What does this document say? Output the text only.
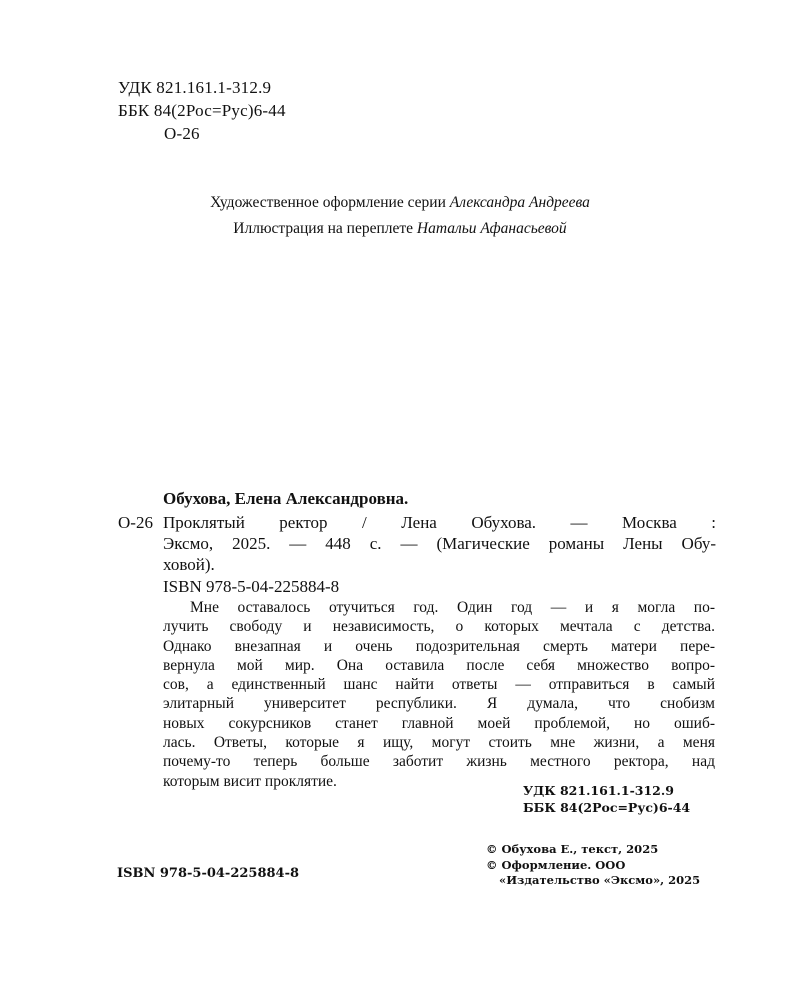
УДК 821.161.1-312.9
ББК 84(2Рос=Рус)6-44
О-26
Художественное оформление серии Александра Андреева
Иллюстрация на переплете Натальи Афанасьевой
Обухова, Елена Александровна.
О-26 Проклятый ректор / Лена Обухова. — Москва :
Эксмо, 2025. — 448 с. — (Магические романы Лены Обу-
ховой).
ISBN 978-5-04-225884-8
Мне оставалось отучиться год. Один год — и я могла по-
лучить свободу и независимость, о которых мечтала с детства.
Однако внезапная и очень подозрительная смерть матери пере-
вернула мой мир. Она оставила после себя множество вопро-
сов, а единственный шанс найти ответы — отправиться в самый
элитарный университет республики. Я думала, что снобизм
новых сокурсников станет главной моей проблемой, но ошиб-
лась. Ответы, которые я ищу, могут стоить мне жизни, а меня
почему-то теперь больше заботит жизнь местного ректора, над
которым висит проклятие.
УДК 821.161.1-312.9
ББК 84(2Рос=Рус)6-44
© Обухова Е., текст, 2025
© Оформление. ООО
«Издательство «Эксмо», 2025
ISBN 978-5-04-225884-8
